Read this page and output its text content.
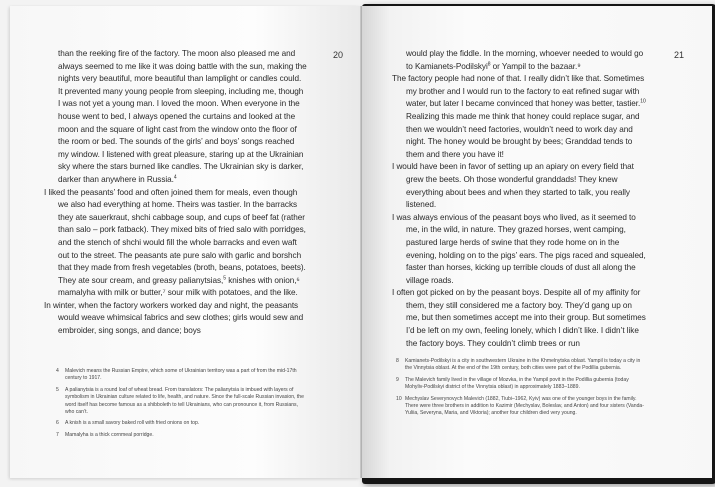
20

than the reeking fire of the factory. The moon also pleased me and always seemed to me like it was doing battle with the sun, making the nights very beautiful, more beautiful than lamplight or candles could. It prevented many young people from sleeping, including me, though I was not yet a young man. I loved the moon. When everyone in the house went to bed, I always opened the curtains and looked at the moon and the square of light cast from the window onto the floor of the room or bed. The sounds of the girls’ and boys’ songs reached my window. I listened with great pleasure, staring up at the Ukrainian sky where the stars burned like candles. The Ukrainian sky is darker, darker than anywhere in Russia.$^4$

I liked the peasants’ food and often joined them for meals, even though we also had everything at home. Theirs was tastier. In the barracks they ate sauerkraut, shchi cabbage soup, and cups of beef fat (rather than salo – pork fatback). They mixed bits of fried salo with porridges, and the stench of shchi would fill the whole barracks and even waft out to the street. The peasants ate pure salo with garlic and borshch that they made from fresh vegetables (broth, beans, potatoes, beets). They ate sour cream, and greasy palianytsias,$^5$ knishes with onion,⁶ mamalyha with milk or butter,⁷ sour milk with potatoes, and the like.

In winter, when the factory workers worked day and night, the peasants would weave whimsical fabrics and sew clothes; girls would sew and embroider, sing songs, and dance; boys

4	Malevich means the Russian Empire, which some of Ukrainian territory was a part of from the mid-17th century to 1917.
5	A palianytsia is a round loaf of wheat bread. From translators: The palianytsia is imbued with layers of symbolism in Ukrainian culture related to life, health, and nature. Since the full-scale Russian invasion, the word itself has become famous as a shibboleth to tell Ukrainians, who can pronounce it, from Russians, who can’t.
6	A knish is a small savory baked roll with fried onions on top.
7	Mamalyha is a thick cornmeal porridge.
21

would play the fiddle. In the morning, whoever needed to would go to Kamianets-Podilskyi$^8$ or Yampil to the bazaar.⁹

The factory people had none of that. I really didn’t like that. Sometimes my brother and I would run to the factory to eat refined sugar with water, but later I became convinced that honey was better, tastier.$^{10}$ Realizing this made me think that honey could replace sugar, and then we wouldn’t need factories, wouldn’t need to work day and night. The honey would be brought by bees; Granddad tends to them and there you have it!

I would have been in favor of setting up an apiary on every field that grew the beets. Oh those wonderful granddads! They knew everything about bees and when they started to talk, you really listened.

I was always envious of the peasant boys who lived, as it seemed to me, in the wild, in nature. They grazed horses, went camping, pastured large herds of swine that they rode home on in the evening, holding on to the pigs’ ears. The pigs raced and squealed, faster than horses, kicking up terrible clouds of dust all along the village roads.

I often got picked on by the peasant boys. Despite all of my affinity for them, they still considered me a factory boy. They’d gang up on me, but then sometimes accept me into their group. But sometimes I’d be left on my own, feeling lonely, which I didn’t like. I didn’t like the factory boys. They couldn’t climb trees or run

8	Kamianets-Podilskyi is a city in southwestern Ukraine in the Khmelnytskа oblast. Yampil is today a city in the Vinnytsia oblast. At the end of the 19th century, both cities were part of the Podillia gubernia.
9	The Malevich family lived in the village of Mozvka, in the Yampil povit in the Podillia gubernia (today Mohyliv-Podilskyi district of the Vinnytsia oblast) in approximately 1883–1889.
10 Mechyslav Severynovych Malevich (1882, Tiubi–1962, Kyiv) was one of the younger boys in the family. There were three brothers in addition to Kazimir (Mechyslav, Boleslav, and Anton) and four sisters (Vanda-Yuliia, Severyna, Maria, and Viktoria); another four children died very young.
